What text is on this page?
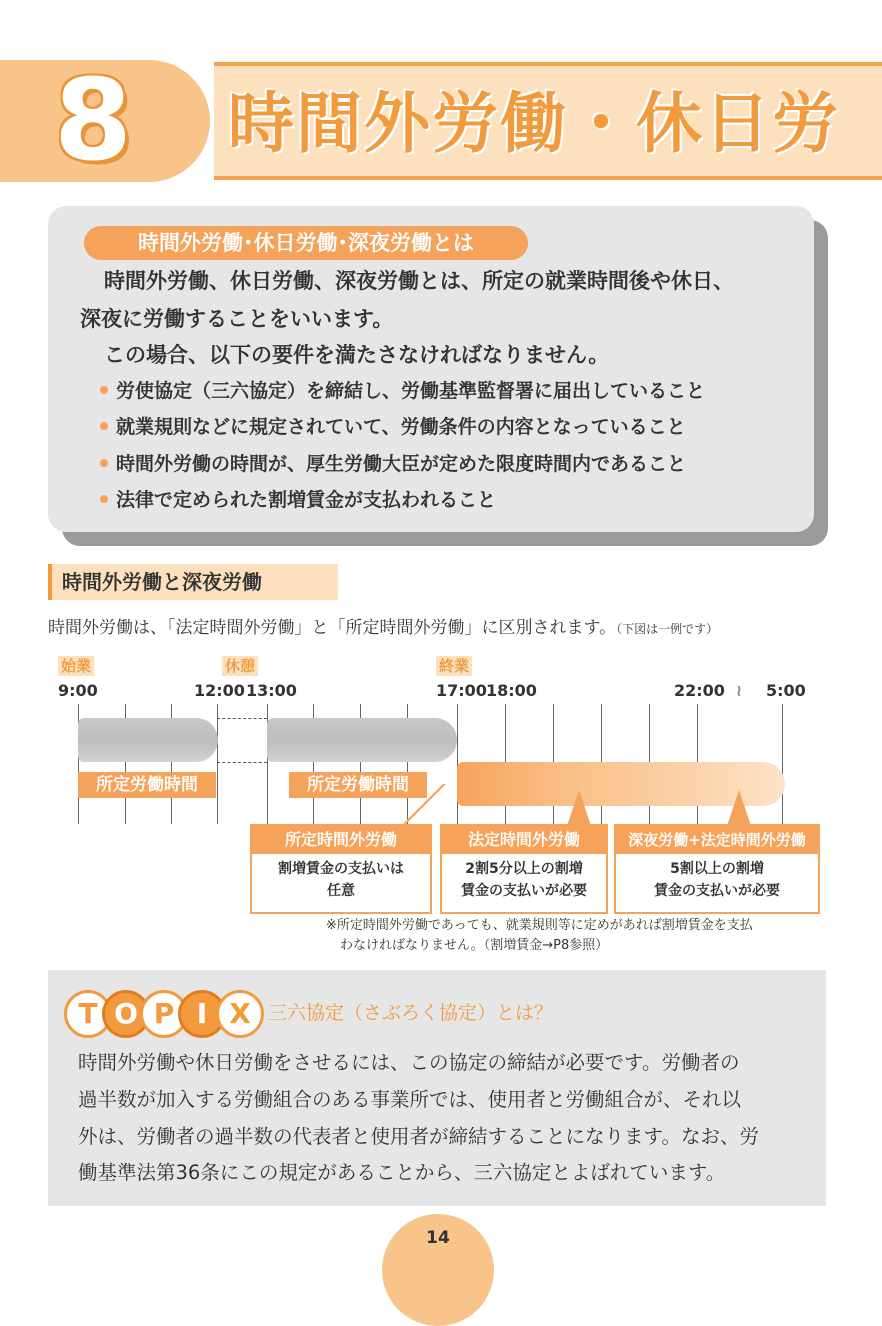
8 時間外労働・休日労
時間外労働･休日労働･深夜労働とは
時間外労働、休日労働、深夜労働とは、所定の就業時間後や休日、
深夜に労働することをいいます。
この場合、以下の要件を満たさなければなりません。
労使協定（三六協定）を締結し、労働基準監督署に届出していること
就業規則などに規定されていて、労働条件の内容となっていること
時間外労働の時間が、厚生労働大臣が定めた限度時間内であること
法律で定められた割増賃金が支払われること
時間外労働と深夜労働
時間外労働は、「法定時間外労働」と「所定時間外労働」に区別されます。（下図は一例です）
始業	休憩	終業
9:00	12:00 13:00	17:00 18:00	22:00 ≀ 5:00
所定労働時間	所定労働時間
所定時間外労働
割増賃金の支払いは
任意
法定時間外労働
2割5分以上の割増
賃金の支払いが必要
深夜労働+法定時間外労働
5割以上の割増
賃金の支払いが必要
※所定時間外労働であっても、就業規則等に定めがあれば割増賃金を支払
わなければなりません。（割増賃金→P8参照）
T O P I X 三六協定（さぶろく協定）とは？
時間外労働や休日労働をさせるには、この協定の締結が必要です。労働者の
過半数が加入する労働組合のある事業所では、使用者と労働組合が、それ以
外は、労働者の過半数の代表者と使用者が締結することになります。なお、労
働基準法第36条にこの規定があることから、三六協定とよばれています。
14
